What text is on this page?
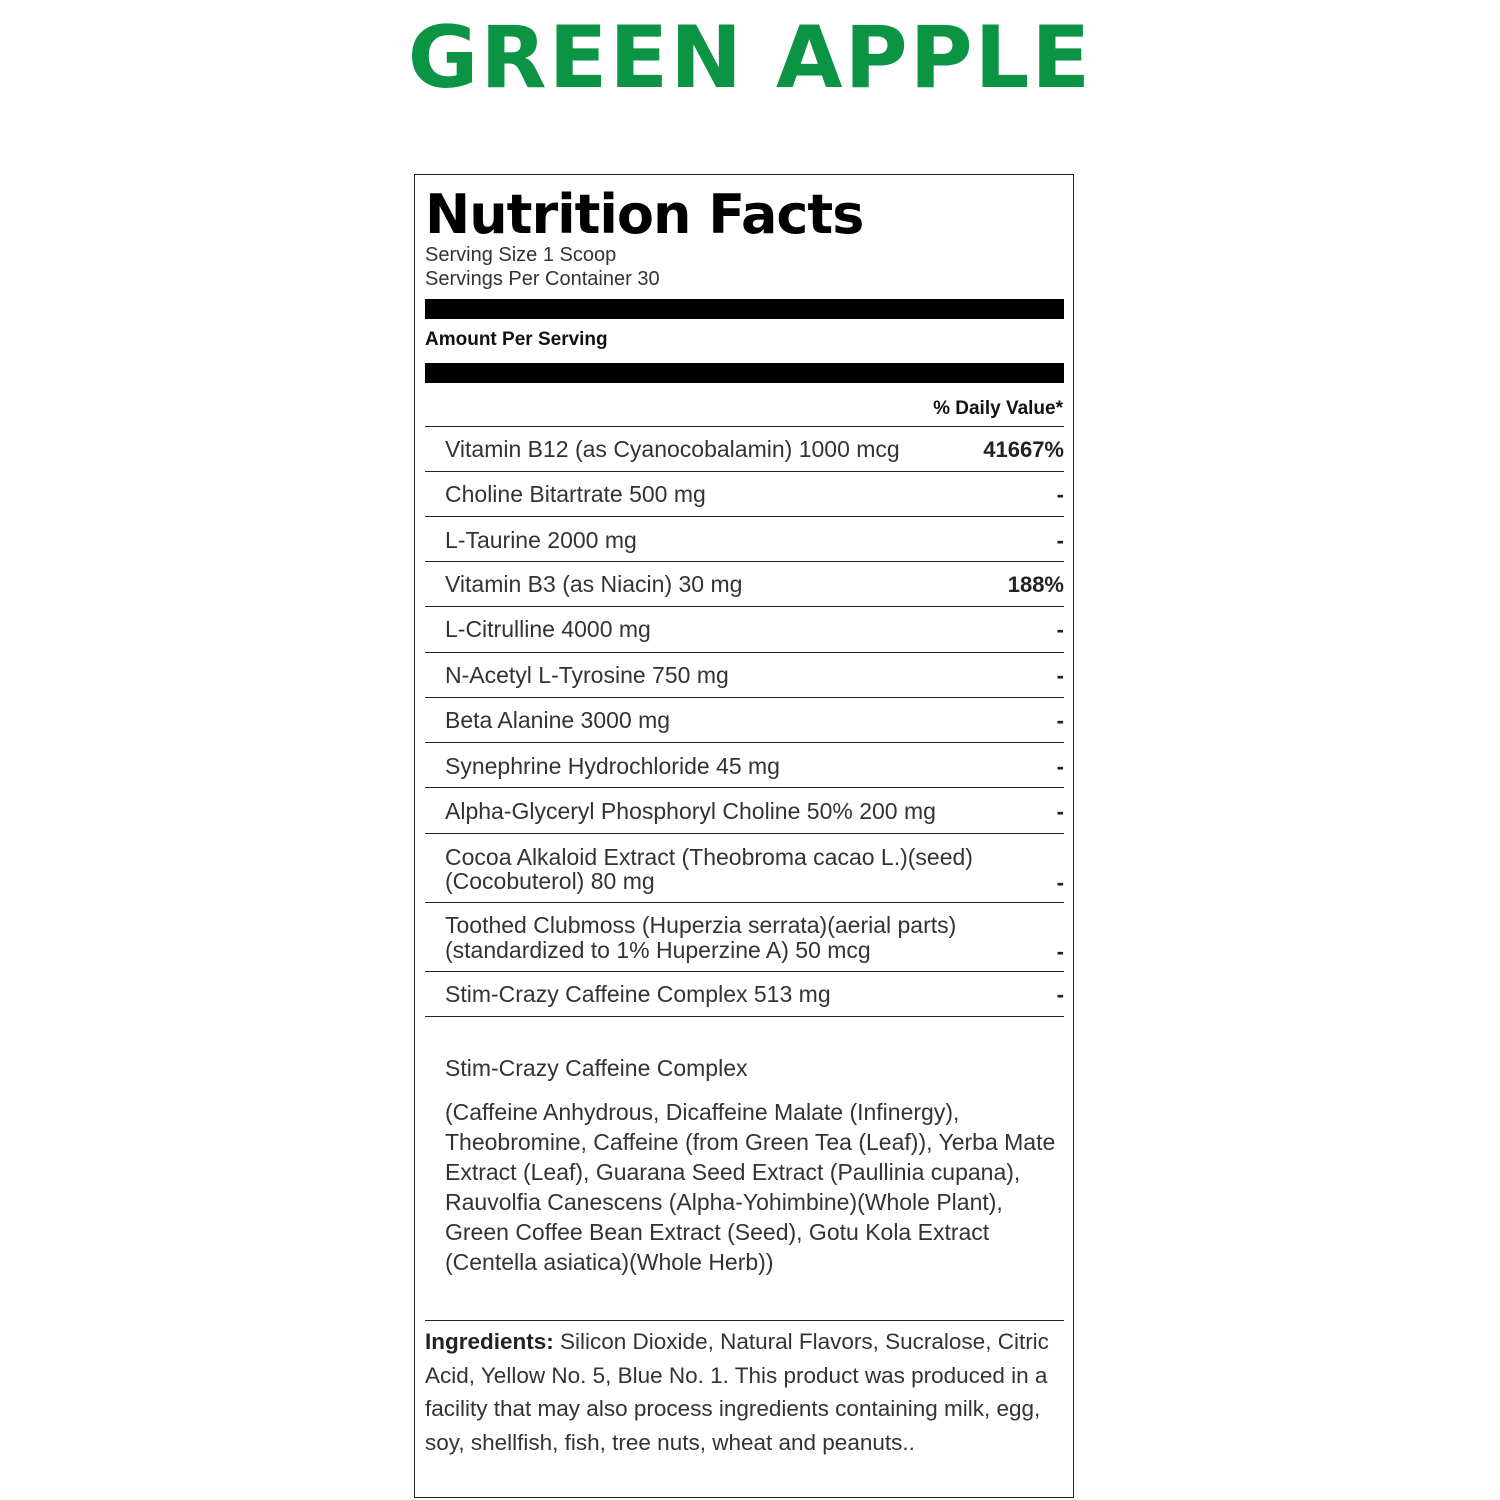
GREEN APPLE
Nutrition Facts
Serving Size 1 Scoop
Servings Per Container 30
Amount Per Serving
% Daily Value*
Vitamin B12 (as Cyanocobalamin) 1000 mcg	41667%
Choline Bitartrate 500 mg	-
L-Taurine 2000 mg	-
Vitamin B3 (as Niacin) 30 mg	188%
L-Citrulline 4000 mg	-
N-Acetyl L-Tyrosine 750 mg	-
Beta Alanine 3000 mg	-
Synephrine Hydrochloride 45 mg	-
Alpha-Glyceryl Phosphoryl Choline 50% 200 mg	-
Cocoa Alkaloid Extract (Theobroma cacao L.)(seed)
(Cocobuterol) 80 mg	-
Toothed Clubmoss (Huperzia serrata)(aerial parts)
(standardized to 1% Huperzine A) 50 mcg	-
Stim-Crazy Caffeine Complex 513 mg	-
Stim-Crazy Caffeine Complex
(Caffeine Anhydrous, Dicaffeine Malate (Infinergy), Theobromine, Caffeine (from Green Tea (Leaf)), Yerba Mate Extract (Leaf), Guarana Seed Extract (Paullinia cupana), Rauvolfia Canescens (Alpha-Yohimbine)(Whole Plant), Green Coffee Bean Extract (Seed), Gotu Kola Extract (Centella asiatica)(Whole Herb))
Ingredients: Silicon Dioxide, Natural Flavors, Sucralose, Citric Acid, Yellow No. 5, Blue No. 1. This product was produced in a facility that may also process ingredients containing milk, egg, soy, shellfish, fish, tree nuts, wheat and peanuts..
